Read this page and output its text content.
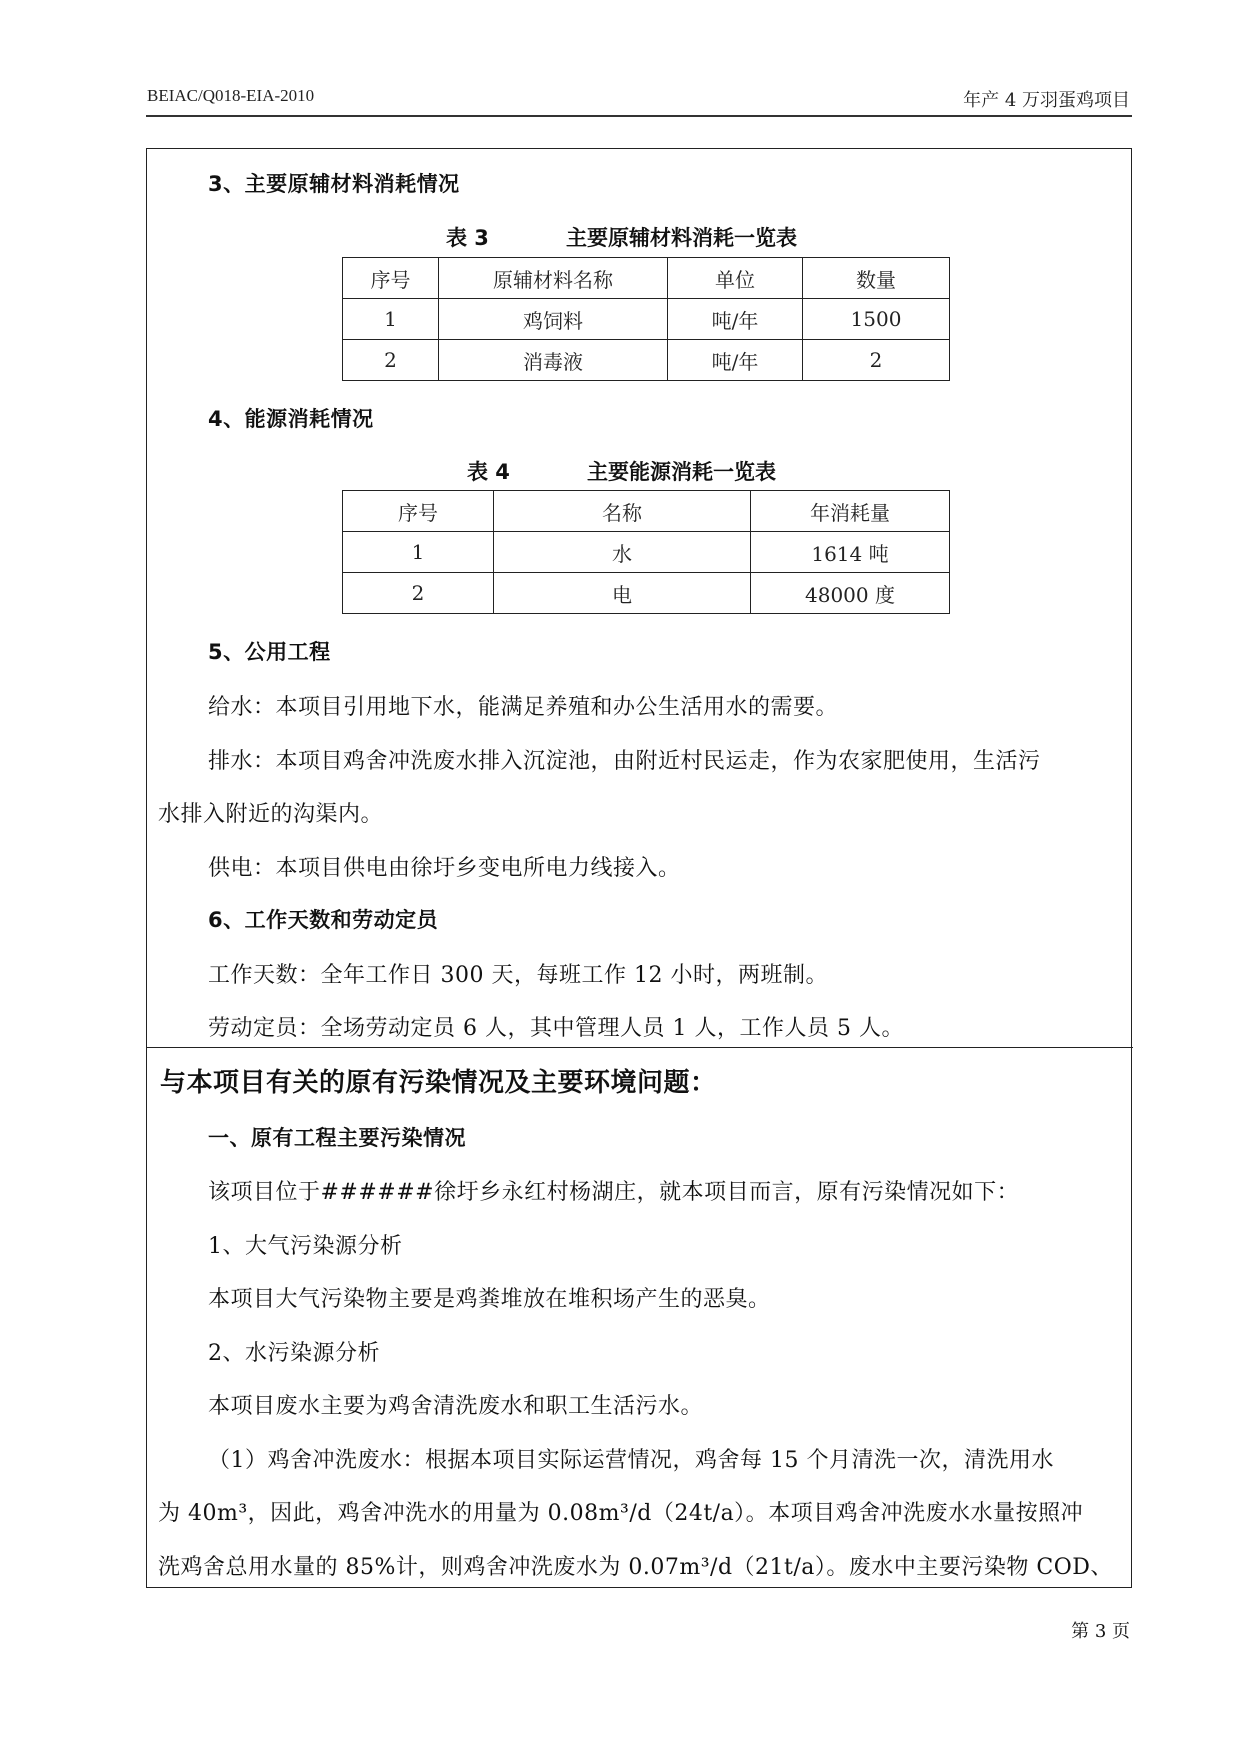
BEIAC/Q018-EIA-2010	年产 4 万羽蛋鸡项目
3、主要原辅材料消耗情况
表 3	主要原辅材料消耗一览表
序号	原辅材料名称	单位	数量
1	鸡饲料	吨/年	1500
2	消毒液	吨/年	2
4、能源消耗情况
表 4	主要能源消耗一览表
序号	名称	年消耗量
1	水	1614 吨
2	电	48000 度
5、公用工程
给水：本项目引用地下水，能满足养殖和办公生活用水的需要。
排水：本项目鸡舍冲洗废水排入沉淀池，由附近村民运走，作为农家肥使用，生活污
水排入附近的沟渠内。
供电：本项目供电由徐圩乡变电所电力线接入。
6、工作天数和劳动定员
工作天数：全年工作日 300 天，每班工作 12 小时，两班制。
劳动定员：全场劳动定员 6 人，其中管理人员 1 人，工作人员 5 人。
与本项目有关的原有污染情况及主要环境问题：
一、原有工程主要污染情况
该项目位于######徐圩乡永红村杨湖庄，就本项目而言，原有污染情况如下：
1、大气污染源分析
本项目大气污染物主要是鸡粪堆放在堆积场产生的恶臭。
2、水污染源分析
本项目废水主要为鸡舍清洗废水和职工生活污水。
（1）鸡舍冲洗废水：根据本项目实际运营情况，鸡舍每 15 个月清洗一次，清洗用水
为 40m³，因此，鸡舍冲洗水的用量为 0.08m³/d（24t/a）。本项目鸡舍冲洗废水水量按照冲
洗鸡舍总用水量的 85%计，则鸡舍冲洗废水为 0.07m³/d（21t/a）。废水中主要污染物 COD、
第 3 页
